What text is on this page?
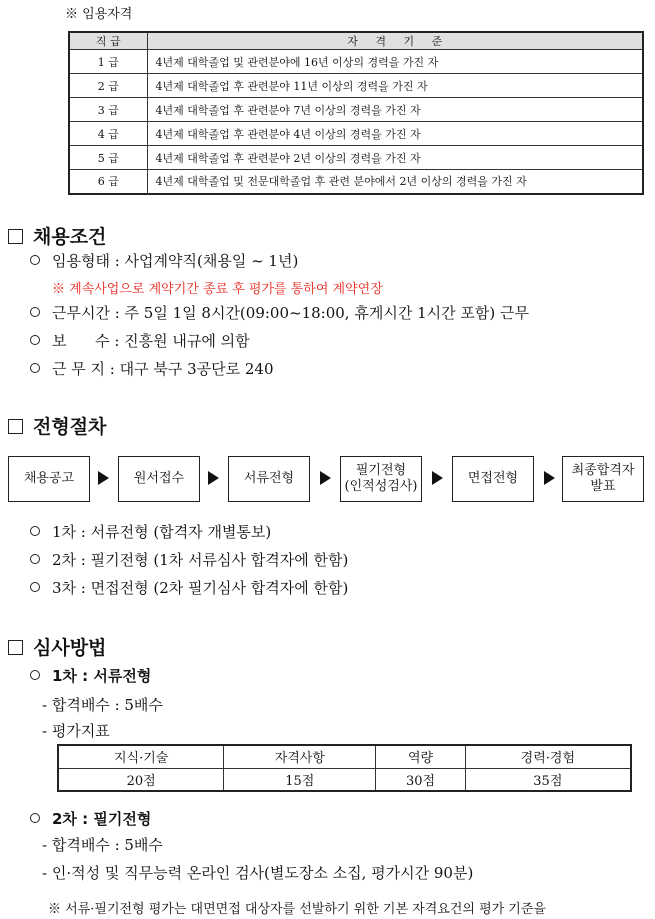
※ 임용자격
직 급	자     격     기     준
1 급	4년제 대학졸업 및 관련분야에 16년 이상의 경력을 가진 자
2 급	4년제 대학졸업 후 관련분야 11년 이상의 경력을 가진 자
3 급	4년제 대학졸업 후 관련분야 7년 이상의 경력을 가진 자
4 급	4년제 대학졸업 후 관련분야 4년 이상의 경력을 가진 자
5 급	4년제 대학졸업 후 관련분야 2년 이상의 경력을 가진 자
6 급	4년제 대학졸업 및 전문대학졸업 후 관련 분야에서 2년 이상의 경력을 가진 자
채용조건
임용형태 : 사업계약직(채용일 ~ 1년)
※ 계속사업으로 계약기간 종료 후 평가를 통하여 계약연장
근무시간 : 주 5일 1일 8시간(09:00~18:00, 휴게시간 1시간 포함) 근무
보      수 : 진흥원 내규에 의함
근 무 지 : 대구 북구 3공단로 240
전형절차
채용공고	원서접수	서류전형
필기전형
(인적성검사)
면접전형
최종합격자
발표
1차 : 서류전형 (합격자 개별통보)
2차 : 필기전형 (1차 서류심사 합격자에 한함)
3차 : 면접전형 (2차 필기심사 합격자에 한함)
심사방법
1차 : 서류전형
- 합격배수 : 5배수
- 평가지표
지식·기술	자격사항	역량	경력·경험
20점	15점	30점	35점
2차 : 필기전형
- 합격배수 : 5배수
- 인·적성 및 직무능력 온라인 검사(별도장소 소집, 평가시간 90분)
※ 서류·필기전형 평가는 대면면접 대상자를 선발하기 위한 기본 자격요건의 평가 기준을
